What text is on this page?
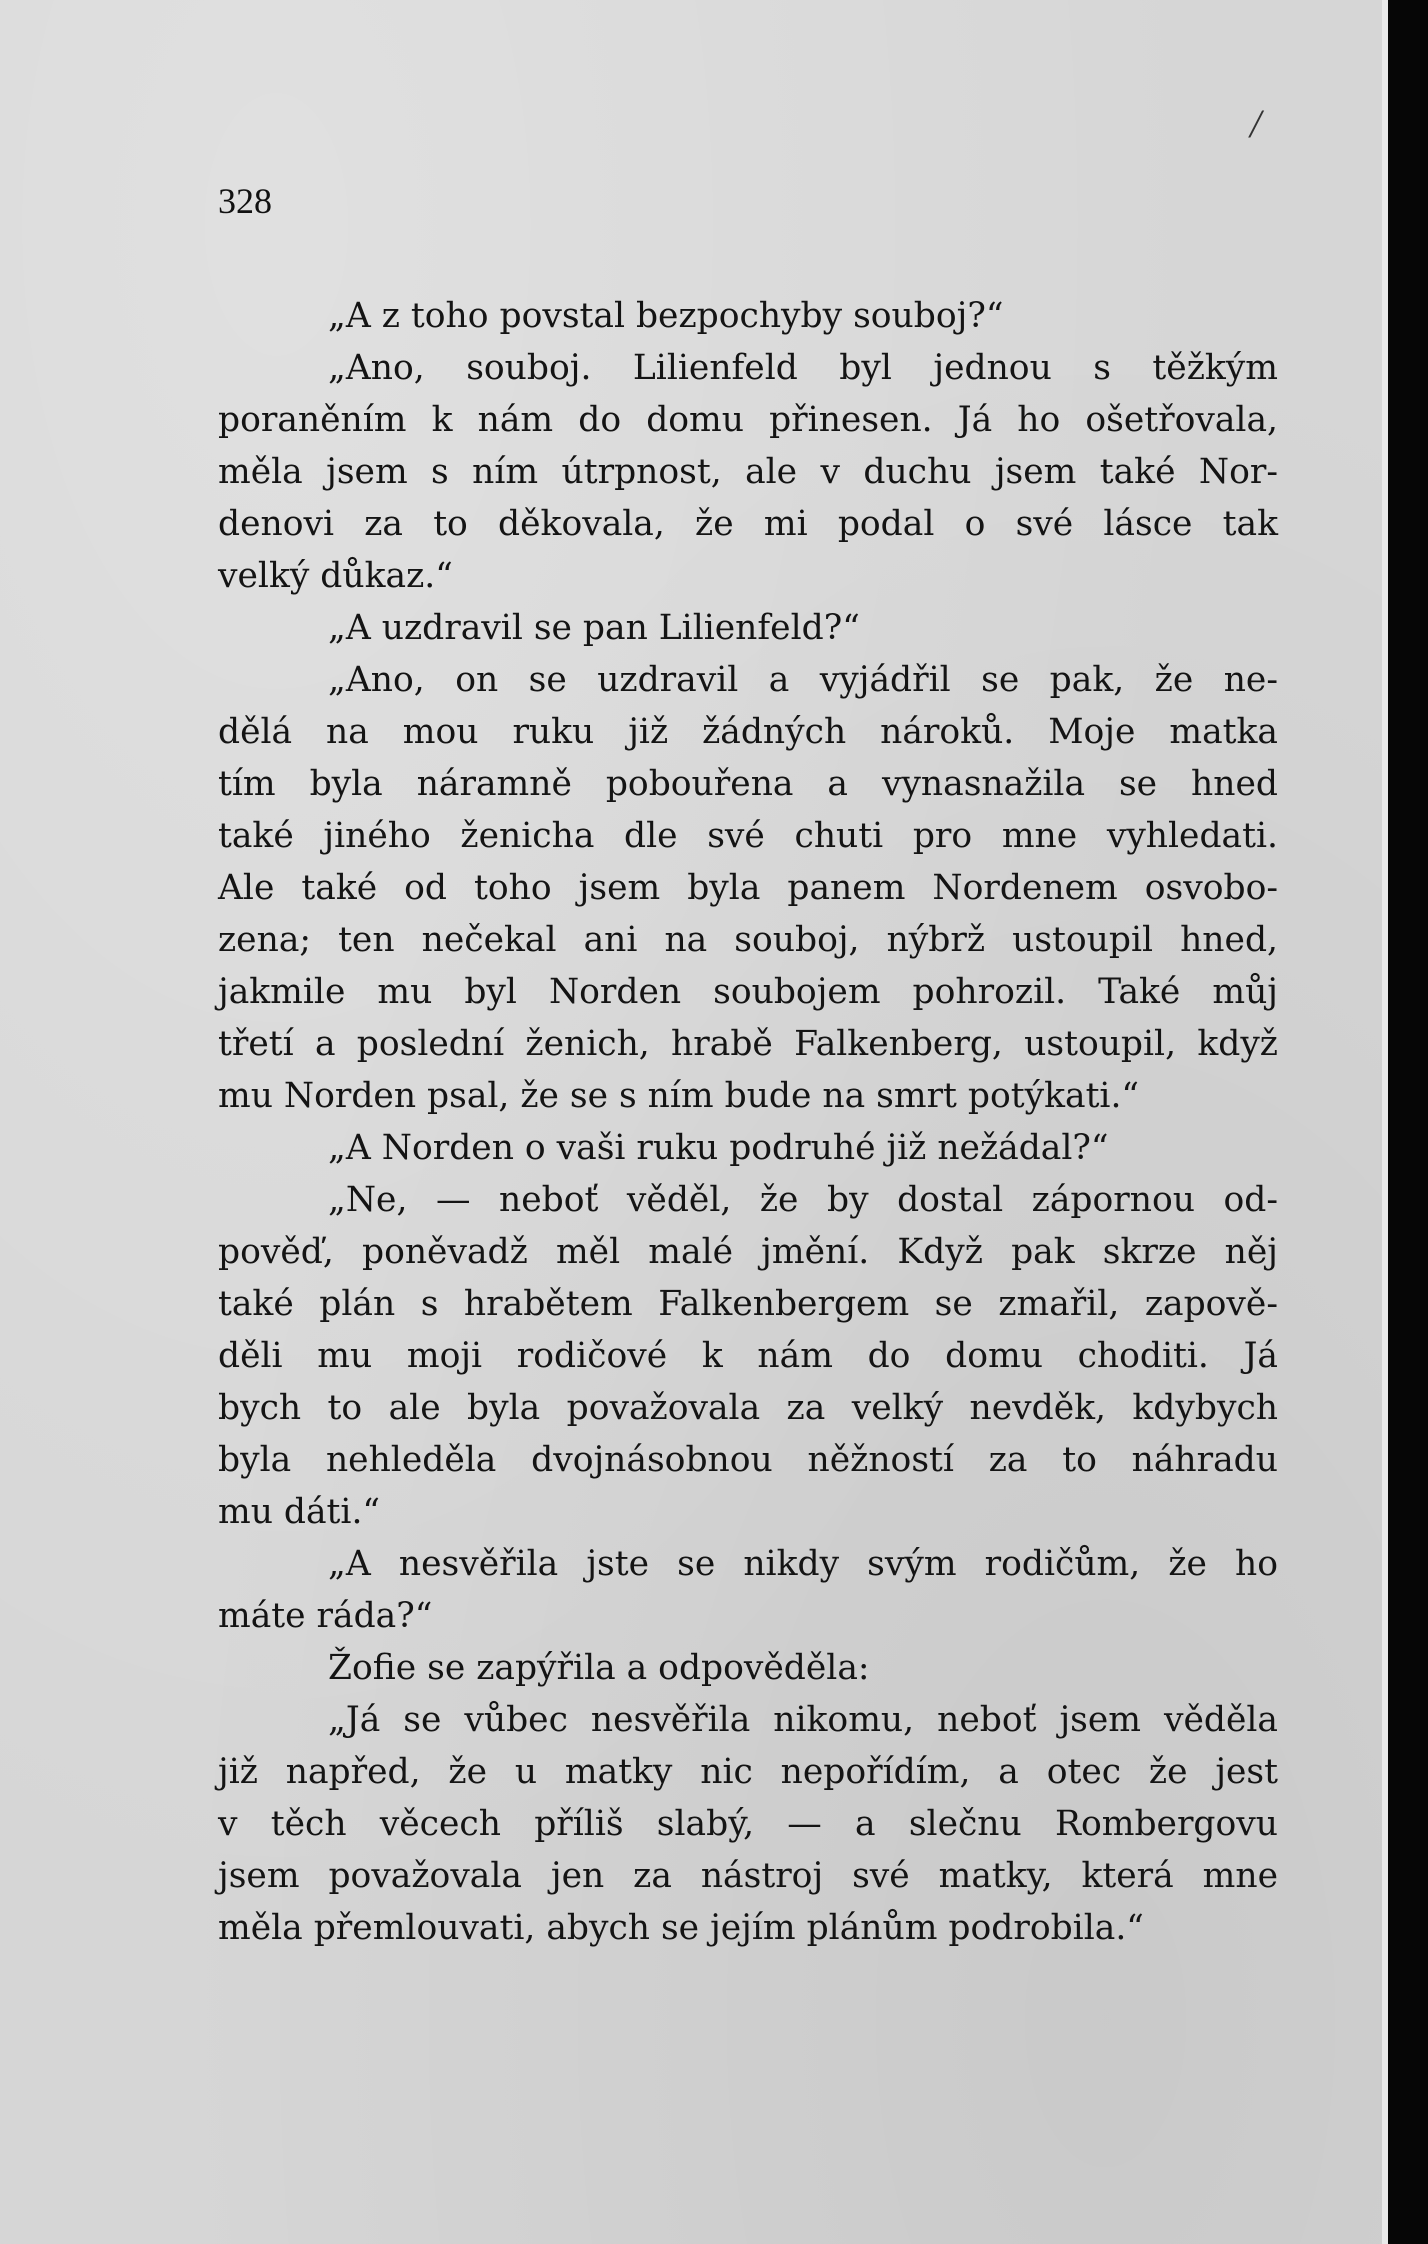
/
328
„A z toho povstal bezpochyby souboj?“
„Ano, souboj. Lilienfeld byl jednou s těžkým
poraněním k nám do domu přinesen. Já ho ošetřovala,
měla jsem s ním útrpnost, ale v duchu jsem také Nor-
denovi za to děkovala, že mi podal o své lásce tak
velký důkaz.“
„A uzdravil se pan Lilienfeld?“
„Ano, on se uzdravil a vyjádřil se pak, že ne-
dělá na mou ruku již žádných nároků. Moje matka
tím byla náramně pobouřena a vynasnažila se hned
také jiného ženicha dle své chuti pro mne vyhledati.
Ale také od toho jsem byla panem Nordenem osvobo-
zena; ten nečekal ani na souboj, nýbrž ustoupil hned,
jakmile mu byl Norden soubojem pohrozil. Také můj
třetí a poslední ženich, hrabě Falkenberg, ustoupil, když
mu Norden psal, že se s ním bude na smrt potýkati.“
„A Norden o vaši ruku podruhé již nežádal?“
„Ne, — neboť věděl, že by dostal zápornou od-
pověď, poněvadž měl malé jmění. Když pak skrze něj
také plán s hrabětem Falkenbergem se zmařil, zapově-
děli mu moji rodičové k nám do domu choditi. Já
bych to ale byla považovala za velký nevděk, kdybych
byla nehleděla dvojnásobnou něžností za to náhradu
mu dáti.“
„A nesvěřila jste se nikdy svým rodičům, že ho
máte ráda?“
Žofie se zapýřila a odpověděla:
„Já se vůbec nesvěřila nikomu, neboť jsem věděla
již napřed, že u matky nic nepořídím, a otec že jest
v těch věcech příliš slabý, — a slečnu Rombergovu
jsem považovala jen za nástroj své matky, která mne
měla přemlouvati, abych se jejím plánům podrobila.“
